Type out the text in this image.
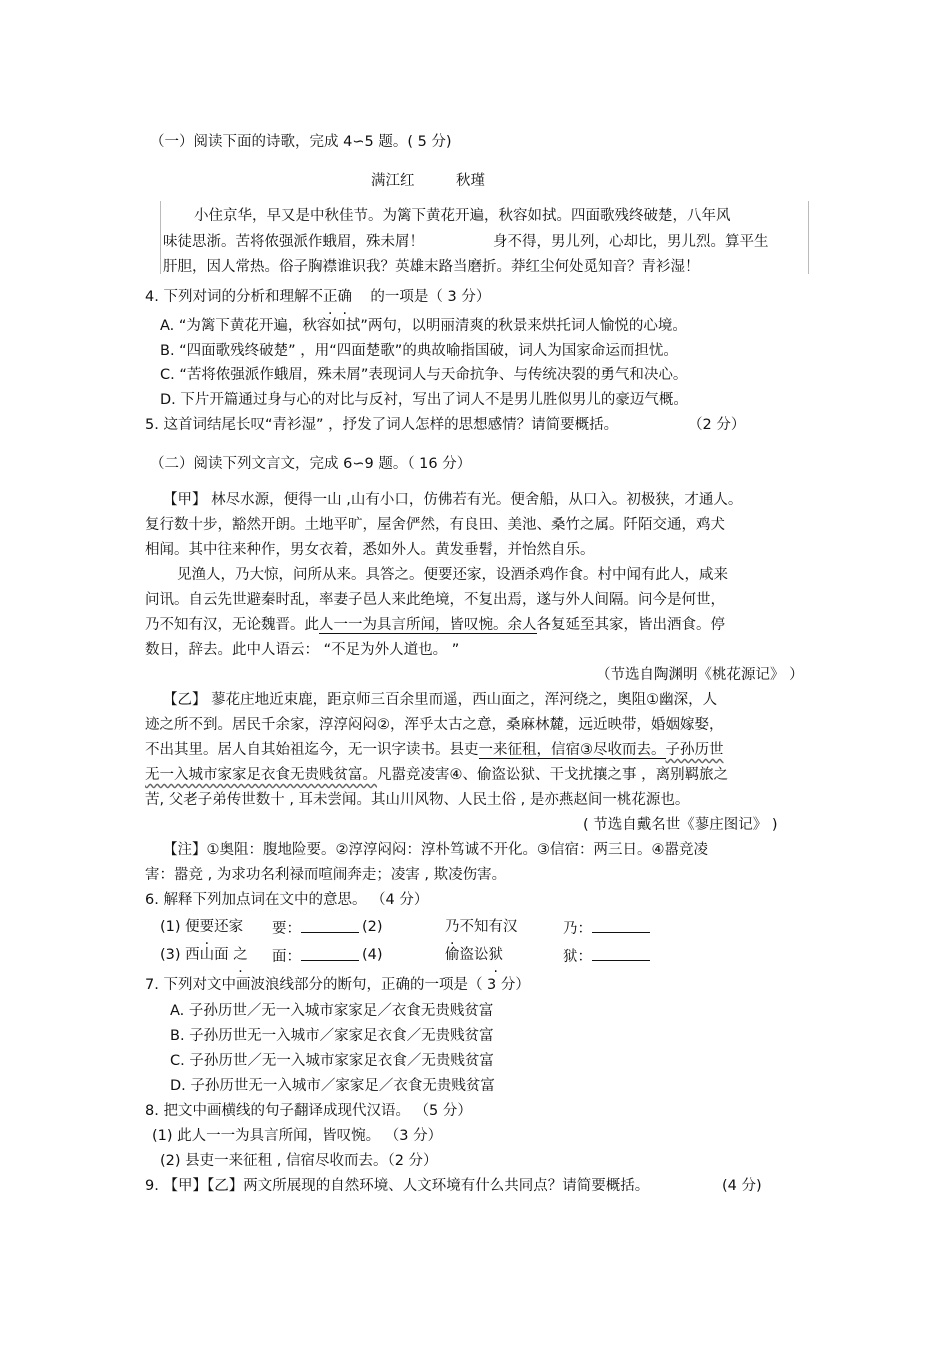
（一）阅读下面的诗歌，完成 4∽5 题。( 5 分)
满江红	秋瑾
小住京华，早又是中秋佳节。为篱下黄花开遍，秋容如拭。四面歌残终破楚，八年风
味徒思浙。苦将侬强派作蛾眉，殊未屑！	身不得，男儿列，心却比，男儿烈。算平生
肝胆，因人常热。俗子胸襟谁识我？英雄末路当磨折。莽红尘何处觅知音？青衫湿！
4. 下列对词的分析和理解不正确 的一项是（ 3 分）
A. “为篱下黄花开遍，秋容如拭”两句，以明丽清爽的秋景来烘托词人愉悦的心境。
B. “四面歌残终破楚” ，用“四面楚歌”的典故喻指国破，词人为国家命运而担忧。
C. “苦将侬强派作蛾眉，殊未屑”表现词人与天命抗争、与传统决裂的勇气和决心。
D. 下片开篇通过身与心的对比与反衬，写出了词人不是男儿胜似男儿的豪迈气概。
5. 这首词结尾长叹“青衫湿” ，抒发了词人怎样的思想感情？请简要概括。	（2 分）
（二）阅读下列文言文，完成 6∽9 题。（ 16 分）
【甲】 林尽水源，便得一山 ,山有小口，仿佛若有光。便舍船，从口入。初极狭，才通人。
复行数十步，豁然开朗。土地平旷，屋舍俨然，有良田、美池、桑竹之属。阡陌交通，鸡犬
相闻。其中往来种作，男女衣着，悉如外人。黄发垂髫，并怡然自乐。
见渔人，乃大惊，问所从来。具答之。便要还家，设酒杀鸡作食。村中闻有此人，咸来
问讯。自云先世避秦时乱，率妻子邑人来此绝境，不复出焉，遂与外人间隔。问今是何世，
乃不知有汉，无论魏晋。此人一一为具言所闻，皆叹惋。余人各复延至其家，皆出酒食。停
数日，辞去。此中人语云： “不足为外人道也。 ”
（节选自陶渊明《桃花源记》 ）
【乙】 蓼花庄地近束鹿，距京师三百余里而遥，西山面之，浑河绕之，奥阻①幽深，人
迹之所不到。居民千余家，淳淳闷闷②，浑乎太古之意，桑麻林麓，远近映带，婚姻嫁娶，
不出其里。居人自其始祖迄今，无一识字读书。县吏一来征租，信宿③尽收而去。子孙历世
无一入城市家家足衣食无贵贱贫富。凡嚣竞凌害④、偷盗讼狱、干戈扰攘之事 ，离别羁旅之
苦, 父老子弟传世数十 , 耳未尝闻。其山川风物、人民土俗 , 是亦燕赵间一桃花源也。
( 节选自戴名世《蓼庄图记》 )
【注】①奥阻：腹地险要。②淳淳闷闷：淳朴笃诚不开化。③信宿：两三日。④嚣竞凌
害：嚣竞 , 为求功名利禄而喧闹奔走；凌害 , 欺凌伤害。
6. 解释下列加点词在文中的意思。 （4 分）
(1) 便要还家 要：	(2)	乃不知有汉	乃：
(3) 西山面 之 面：	(4)	偷盗讼狱	狱：
7. 下列对文中画波浪线部分的断句，正确的一项是（ 3 分）
A. 子孙历世／无一入城市家家足／衣食无贵贱贫富
B. 子孙历世无一入城市／家家足衣食／无贵贱贫富
C. 子孙历世／无一入城市家家足衣食／无贵贱贫富
D. 子孙历世无一入城市／家家足／衣食无贵贱贫富
8. 把文中画横线的句子翻译成现代汉语。 （5 分）
(1) 此人一一为具言所闻，皆叹惋。 （3 分）
(2) 县吏一来征租 , 信宿尽收而去。（2 分）
9. 【甲】【乙】两文所展现的自然环境、人文环境有什么共同点？请简要概括。	(4 分)
